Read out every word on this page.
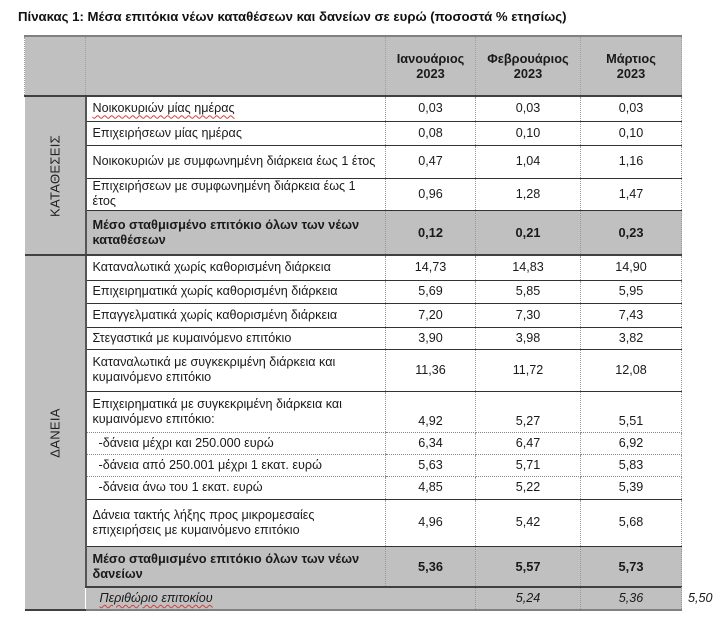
Πίνακας 1: Μέσα επιτόκια νέων καταθέσεων και δανείων σε ευρώ (ποσοστά % ετησίως)
		Ιανουάριος
2023	Φεβρουάριος
2023	Μάρτιος
2023

ΚΑΤΑΘΕΣΕΙΣ
	Νοικοκυριών μίας ημέρας	0,03	0,03	0,03
Επιχειρήσεων μίας ημέρας	0,08	0,10	0,10
Νοικοκυριών με συμφωνημένη διάρκεια έως 1 έτος	0,47	1,04	1,16
Επιχειρήσεων με συμφωνημένη διάρκεια έως 1 έτος	0,96	1,28	1,47
Μέσο σταθμισμένο επιτόκιο όλων των νέων καταθέσεων	0,12	0,21	0,23

ΔΑΝΕΙΑ
	Καταναλωτικά χωρίς καθορισμένη διάρκεια	14,73	14,83	14,90
Επιχειρηματικά χωρίς καθορισμένη διάρκεια	5,69	5,85	5,95
Επαγγελματικά χωρίς καθορισμένη διάρκεια	7,20	7,30	7,43
Στεγαστικά με κυμαινόμενο επιτόκιο	3,90	3,98	3,82
Καταναλωτικά με συγκεκριμένη διάρκεια και κυμαινόμενο επιτόκιο	11,36	11,72	12,08
Επιχειρηματικά με συγκεκριμένη διάρκεια και κυμαινόμενο επιτόκιο:	4,92	5,27	5,51
-δάνεια μέχρι και 250.000 ευρώ	6,34	6,47	6,92
-δάνεια από 250.001 μέχρι 1 εκατ. ευρώ	5,63	5,71	5,83
-δάνεια άνω του 1 εκατ. ευρώ	4,85	5,22	5,39
Δάνεια τακτής λήξης προς μικρομεσαίες επιχειρήσεις με κυμαινόμενο επιτόκιο	4,96	5,42	5,68
Μέσο σταθμισμένο επιτόκιο όλων των νέων δανείων	5,36	5,57	5,73
Περιθώριο επιτοκίου	5,24	5,36	5,50
